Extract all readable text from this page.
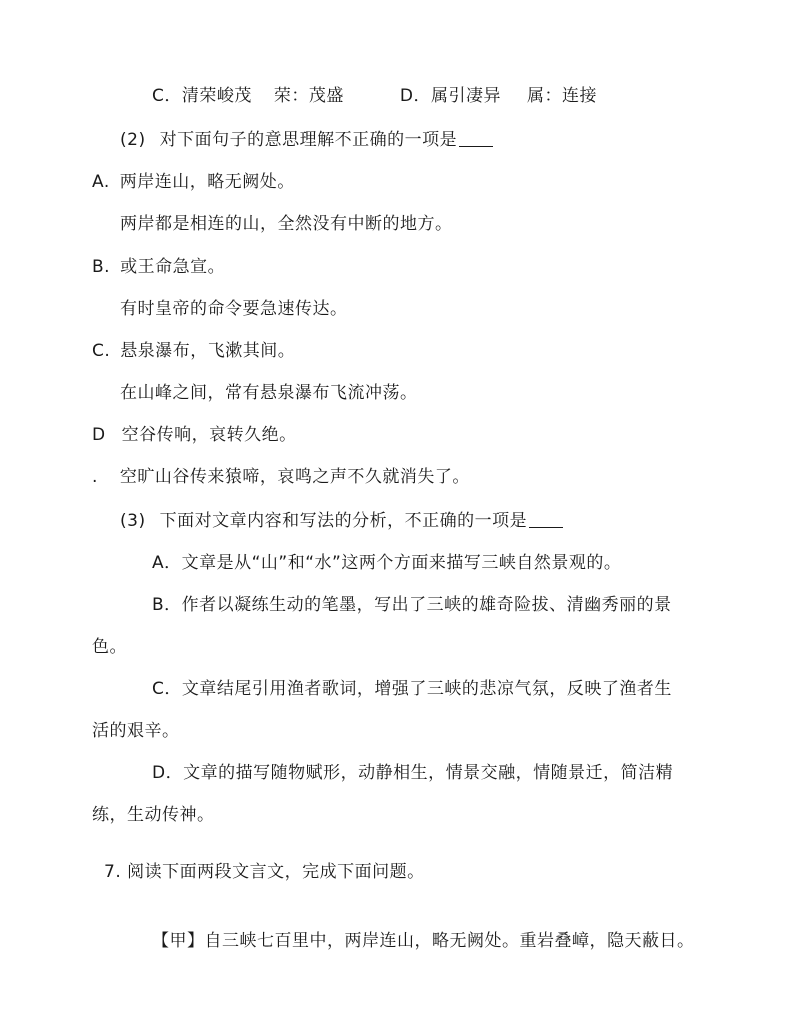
C．清荣峻茂 荣：茂盛	D．属引凄异 属：连接
(2) 对下面句子的意思理解不正确的一项是
A. 两岸连山，略无阙处。
两岸都是相连的山，全然没有中断的地方。
B. 或王命急宣。
有时皇帝的命令要急速传达。
C. 悬泉瀑布，飞漱其间。
在山峰之间，常有悬泉瀑布飞流冲荡。
D 空谷传响，哀转久绝。
. 空旷山谷传来猿啼，哀鸣之声不久就消失了。
(3) 下面对文章内容和写法的分析，不正确的一项是
A．文章是从“山”和“水”这两个方面来描写三峡自然景观的。
B．作者以凝练生动的笔墨，写出了三峡的雄奇险拔、清幽秀丽的景
色。
C．文章结尾引用渔者歌词，增强了三峡的悲凉气氛，反映了渔者生
活的艰辛。
D．文章的描写随物赋形，动静相生，情景交融，情随景迁，简洁精
练，生动传神。
7. 阅读下面两段文言文，完成下面问题。
【甲】自三峡七百里中，两岸连山，略无阙处。重岩叠嶂，隐天蔽日。
